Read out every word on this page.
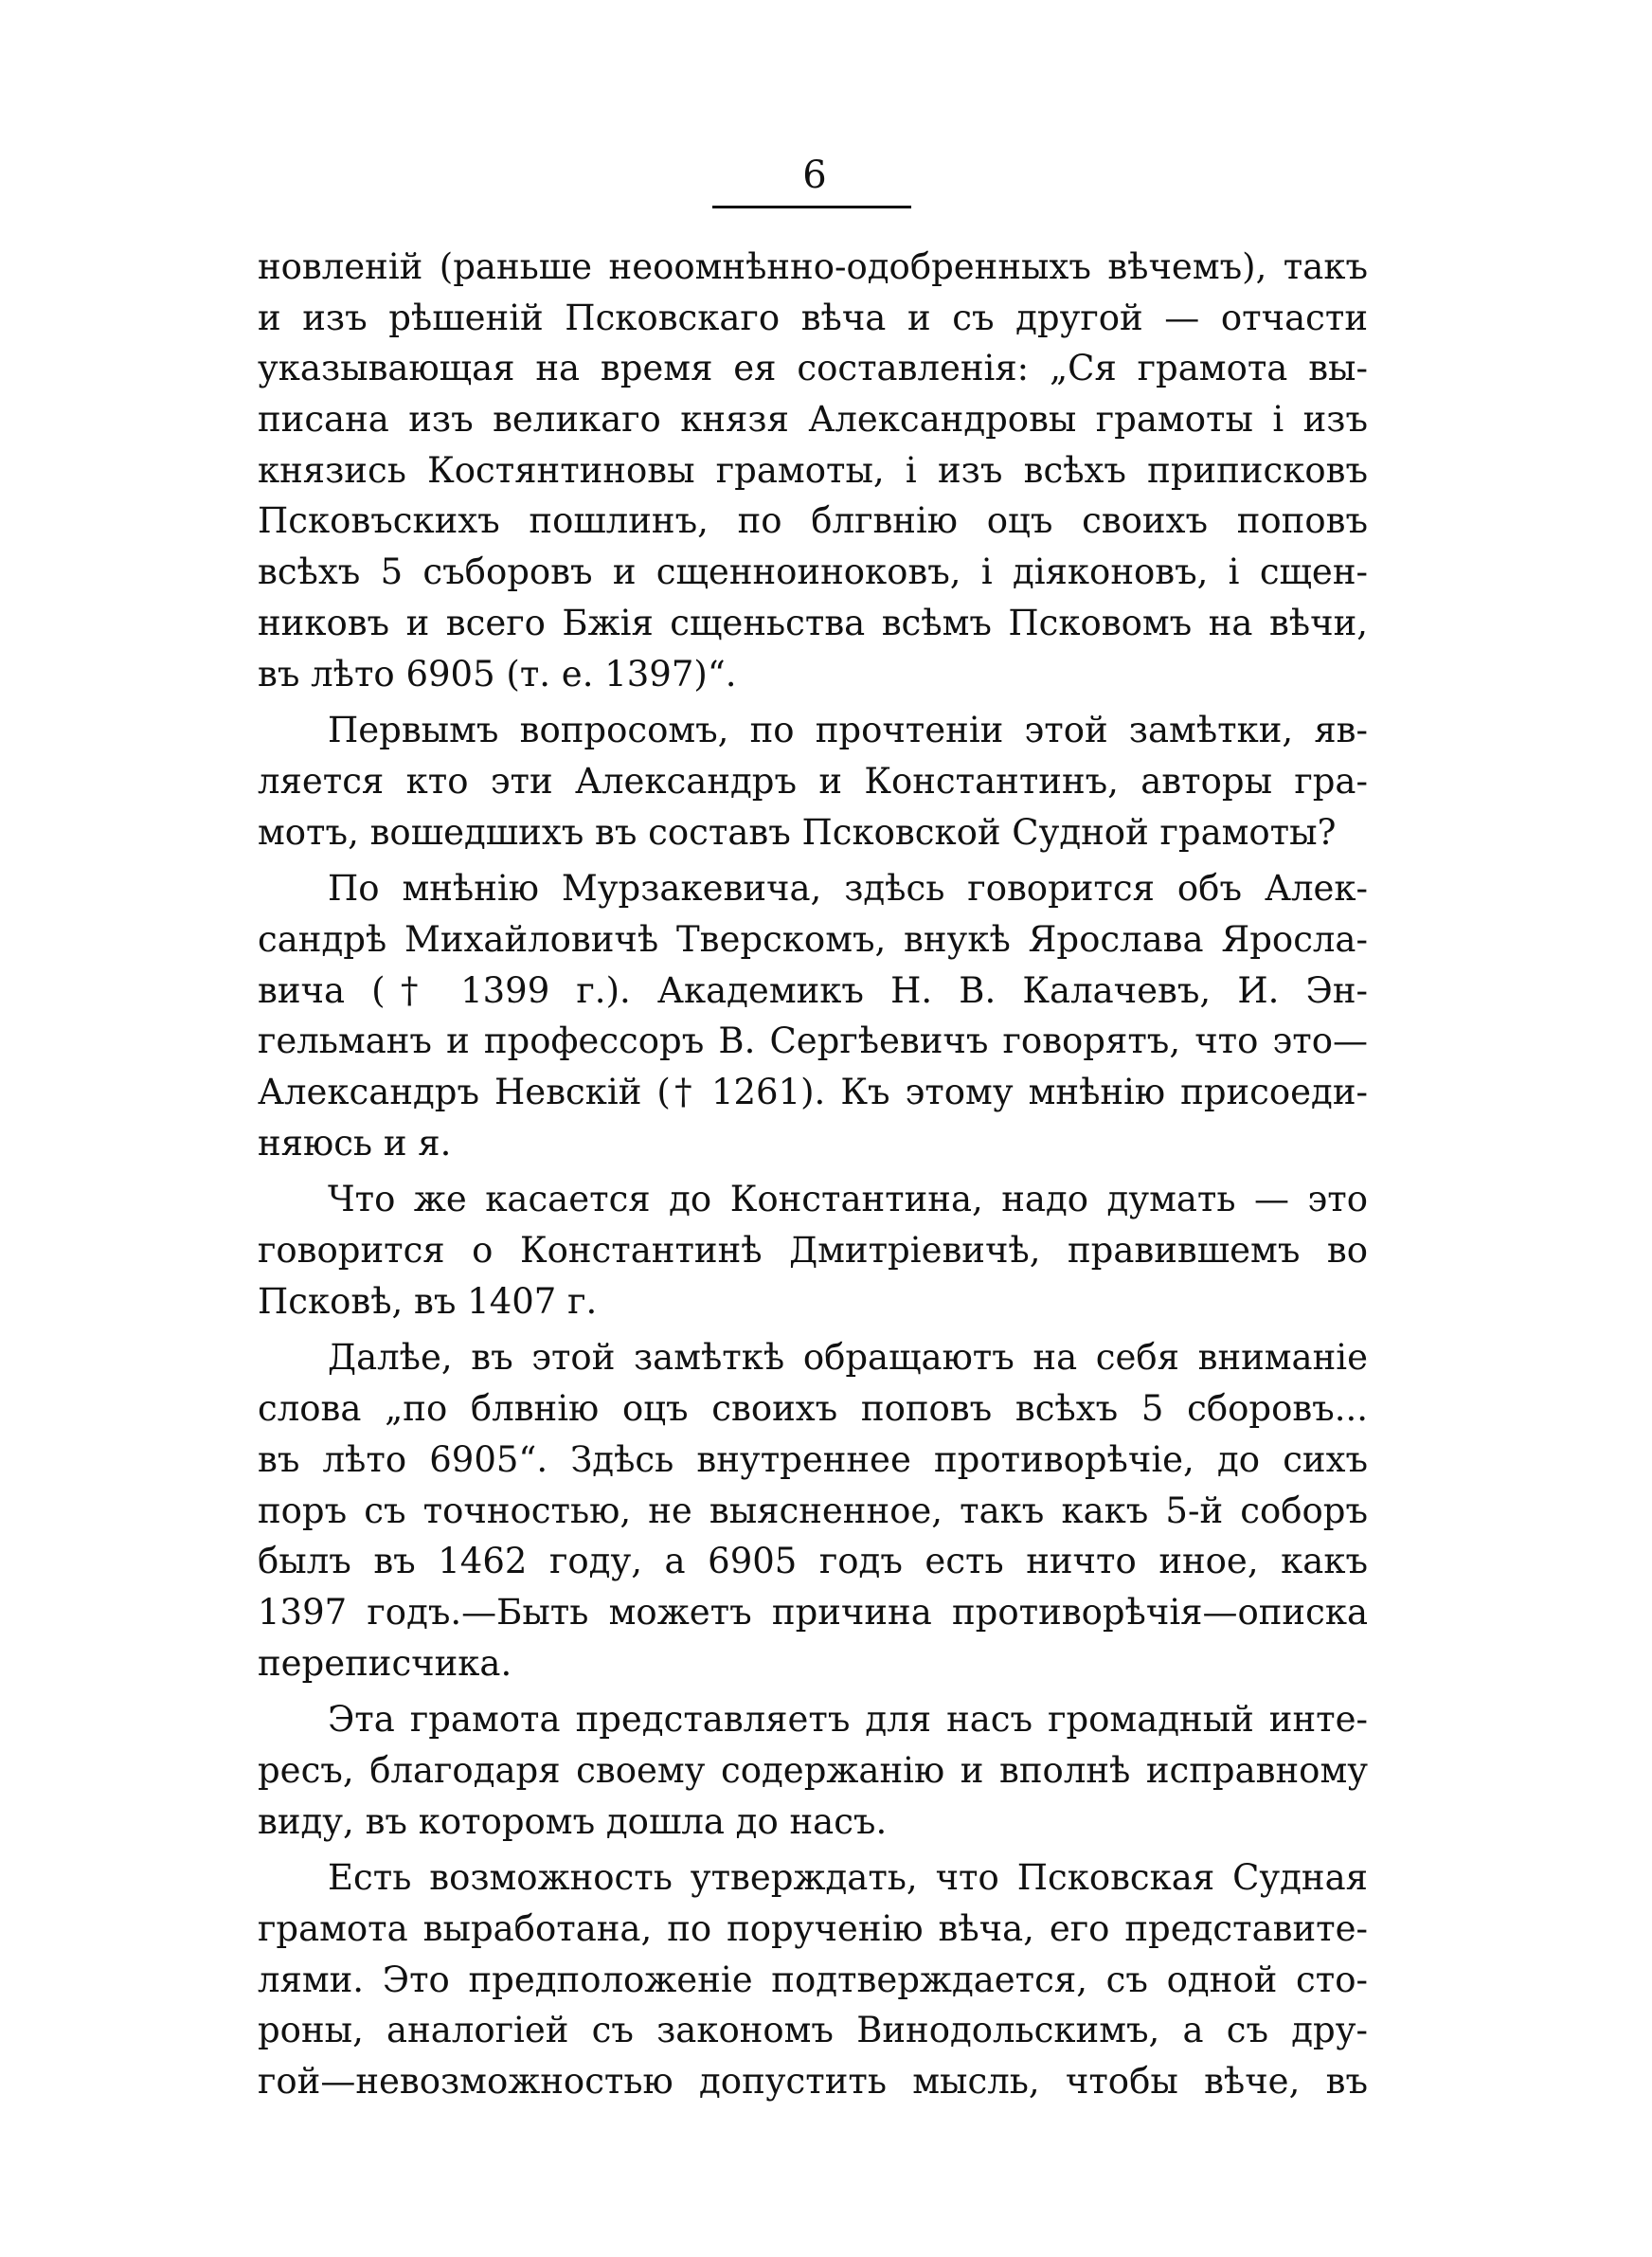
6
новленій (раньше неоомнѣнно-одобренныхъ вѣчемъ), такъ
и изъ рѣшеній Псковскаго вѣча и съ другой — отчасти
указывающая на время ея составленія: „Ся грамота вы-
писана изъ великаго князя Александровы грамоты і изъ
князись Костянтиновы грамоты, і изъ всѣхъ приписковъ
Псковъскихъ пошлинъ, по блгвнію оцъ своихъ поповъ
всѣхъ 5 съборовъ и сщенноиноковъ, і діяконовъ, і сщен-
никовъ и всего Бжія сщеньства всѣмъ Псковомъ на вѣчи,
въ лѣто 6905 (т. е. 1397)“.
Первымъ вопросомъ, по прочтеніи этой замѣтки, яв-
ляется кто эти Александръ и Константинъ, авторы гра-
мотъ, вошедшихъ въ составъ Псковской Судной грамоты?
По мнѣнію Мурзакевича, здѣсь говорится объ Алек-
сандрѣ Михайловичѣ Тверскомъ, внукѣ Ярослава Яросла-
вича († 1399 г.). Академикъ Н. В. Калачевъ, И. Эн-
гельманъ и профессоръ В. Сергѣевичъ говорятъ, что это—
Александръ Невскій († 1261). Къ этому мнѣнію присоеди-
няюсь и я.
Что же касается до Константина, надо думать — это
говорится о Константинѣ Дмитріевичѣ, правившемъ во
Псковѣ, въ 1407 г.
Далѣе, въ этой замѣткѣ обращаютъ на себя вниманіе
слова „по блвнію оцъ своихъ поповъ всѣхъ 5 сборовъ...
въ лѣто 6905“. Здѣсь внутреннее противорѣчіе, до сихъ
поръ съ точностью, не выясненное, такъ какъ 5-й соборъ
былъ въ 1462 году, а 6905 годъ есть ничто иное, какъ
1397 годъ.—Быть можетъ причина противорѣчія—описка
переписчика.
Эта грамота представляетъ для насъ громадный инте-
ресъ, благодаря своему содержанію и вполнѣ исправному
виду, въ которомъ дошла до насъ.
Есть возможность утверждать, что Псковская Судная
грамота выработана, по порученію вѣча, его представите-
лями. Это предположеніе подтверждается, съ одной сто-
роны, аналогіей съ закономъ Винодольскимъ, а съ дру-
гой—невозможностью допустить мысль, чтобы вѣче, въ
